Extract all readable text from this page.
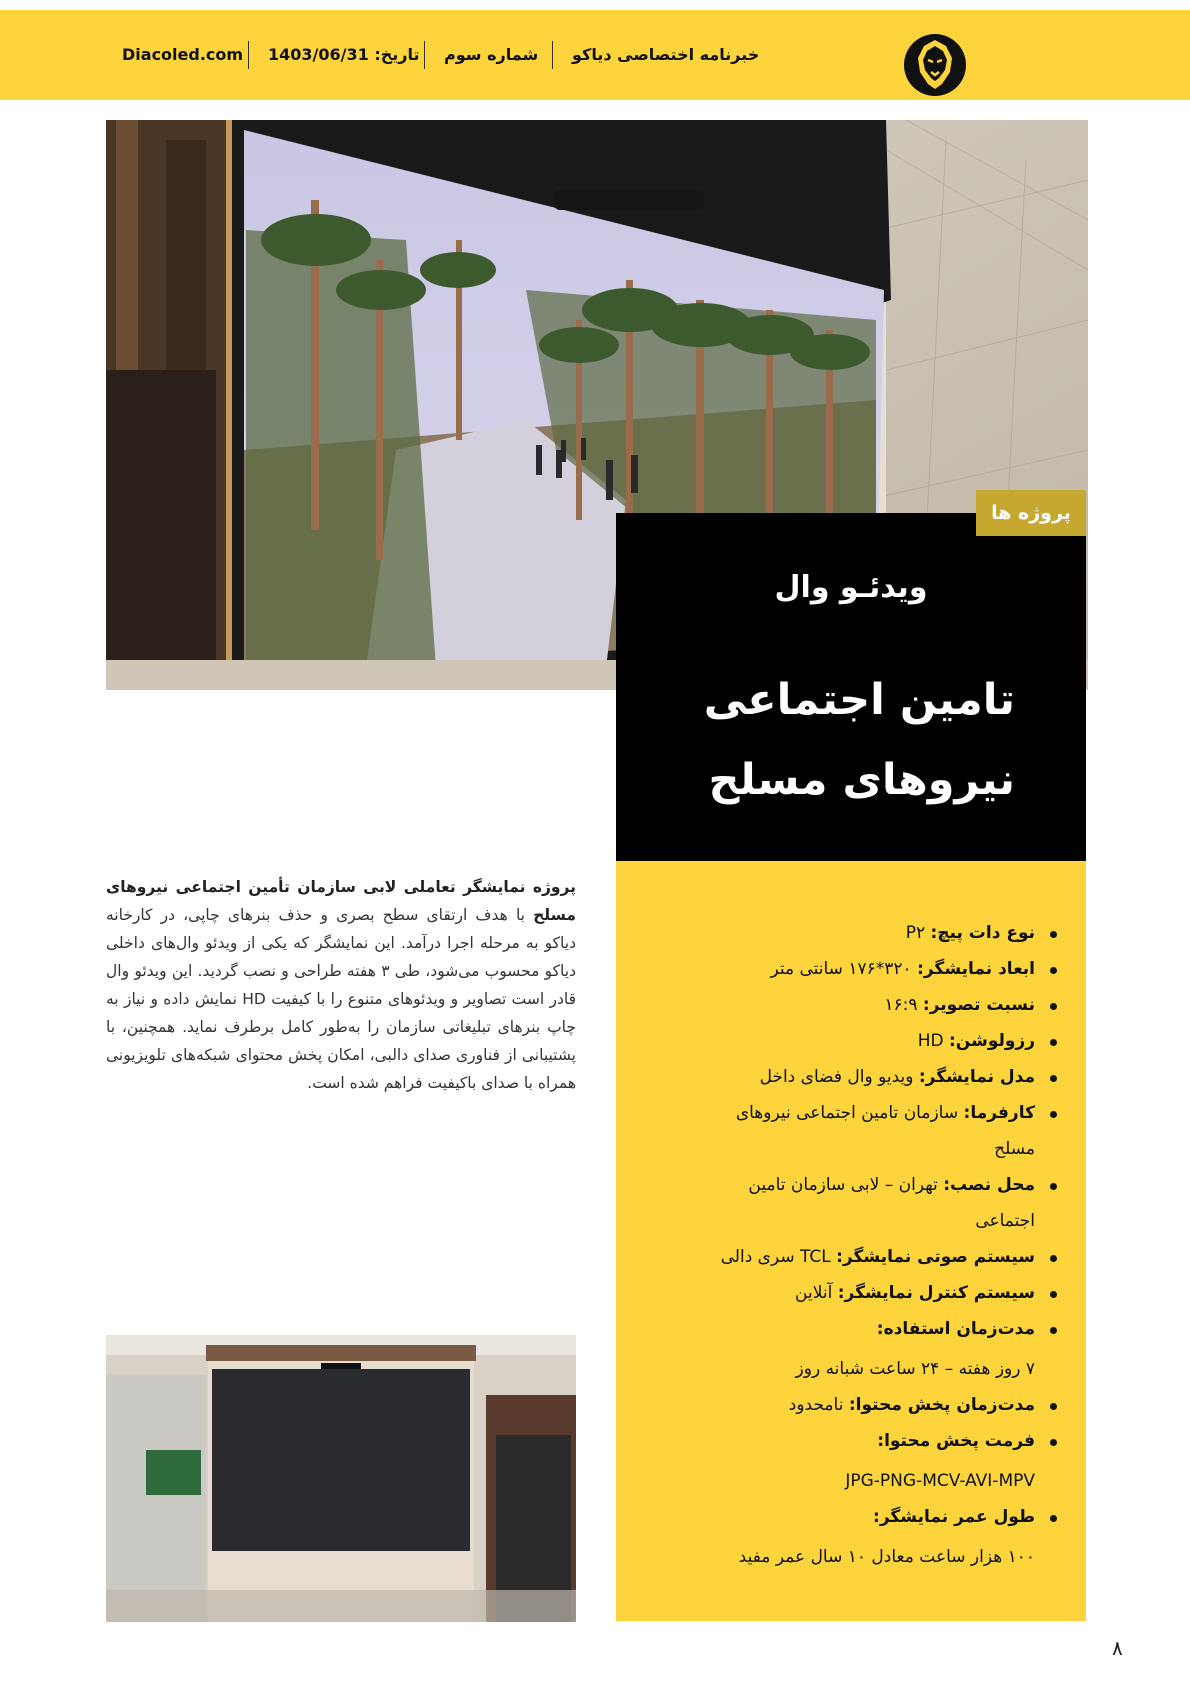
Diacoled.com تاریخ: 1403/06/31 شماره سوم خبرنامه اختصاصی دیاکو
پروژه ها
ویدئـو وال
تامین اجتماعی
نیروهای مسلح
نوع دات پیچ: P۲
ابعاد نمایشگر: ۳۲۰*۱۷۶ سانتی متر
نسبت تصویر: ۱۶:۹
رزولوشن: HD
مدل نمایشگر: ویدیو وال فضای داخل
کارفرما: سازمان تامین اجتماعی نیروهای مسلح
محل نصب: تهران – لابی سازمان تامین اجتماعی
سیستم صوتی نمایشگر: TCL سری دالی
سیستم کنترل نمایشگر: آنلاین
مدت‌زمان استفاده:
۷ روز هفته – ۲۴ ساعت شبانه روز
مدت‌زمان پخش محتوا: نامحدود
فرمت پخش محتوا:
JPG-PNG-MCV-AVI-MPV
طول عمر نمایشگر:
۱۰۰ هزار ساعت معادل ۱۰ سال عمر مفید
پروژه نمایشگر تعاملی لابی سازمان تأمین اجتماعی نیروهای مسلح با هدف ارتقای سطح بصری و حذف بنرهای چاپی، در کارخانه دیاکو به مرحله اجرا درآمد. این نمایشگر که یکی از ویدئو وال‌های داخلی دیاکو محسوب می‌شود، طی ۳ هفته طراحی و نصب گردید. این ویدئو وال قادر است تصاویر و ویدئوهای متنوع را با کیفیت HD نمایش داده و نیاز به چاپ بنرهای تبلیغاتی سازمان را به‌طور کامل برطرف نماید. همچنین، با پشتیبانی از فناوری صدای دالبی، امکان پخش محتوای شبکه‌های تلویزیونی همراه با صدای باکیفیت فراهم شده است.
۸
